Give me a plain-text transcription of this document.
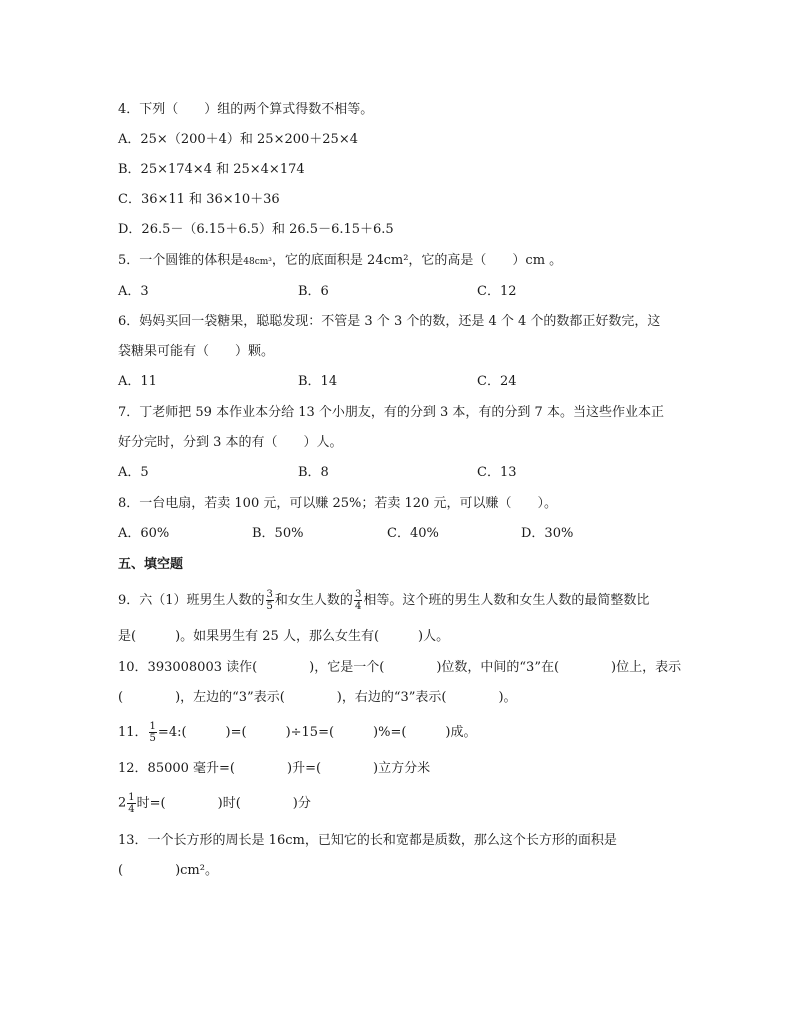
4．下列（　　）组的两个算式得数不相等。
A．25×（200＋4）和 25×200＋25×4
B．25×174×4 和 25×4×174
C．36×11 和 36×10＋36
D．26.5－（6.15＋6.5）和 26.5－6.15＋6.5
5．一个圆锥的体积是48cm³，它的底面积是 24cm²，它的高是（　　）cm 。
A．3	B．6	C．12
6．妈妈买回一袋糖果，聪聪发现：不管是 3 个 3 个的数，还是 4 个 4 个的数都正好数完，这
袋糖果可能有（　　）颗。
A．11	B．14	C．24
7．丁老师把 59 本作业本分给 13 个小朋友，有的分到 3 本，有的分到 7 本。当这些作业本正
好分完时，分到 3 本的有（　　）人。
A．5	B．8	C．13
8．一台电扇，若卖 100 元，可以赚 25%；若卖 120 元，可以赚（　　）。
A．60%	B．50%	C．40%	D．30%
五、填空题
9．六（1）班男生人数的 $\frac{3}{5}$ 和女生人数的 $\frac{3}{4}$ 相等。这个班的男生人数和女生人数的最简整数比
是(　　　)。如果男生有 25 人，那么女生有(　　　)人。
10．393008003 读作(　　　　)，它是一个(　　　　)位数，中间的“3”在(　　　　)位上，表示
(　　　　)，左边的“3”表示(　　　　)，右边的“3”表示(　　　　)。
11． $\frac{1}{5}$ =4:(　　　)=(　　　)÷15=(　　　)%=(　　　)成。
12．85000 毫升=(　　　　)升=(　　　　)立方分米
$2 \frac{1}{4}$ 时=(　　　　)时(　　　　)分
13．一个长方形的周长是 16cm，已知它的长和宽都是质数，那么这个长方形的面积是
(　　　　)cm²。
